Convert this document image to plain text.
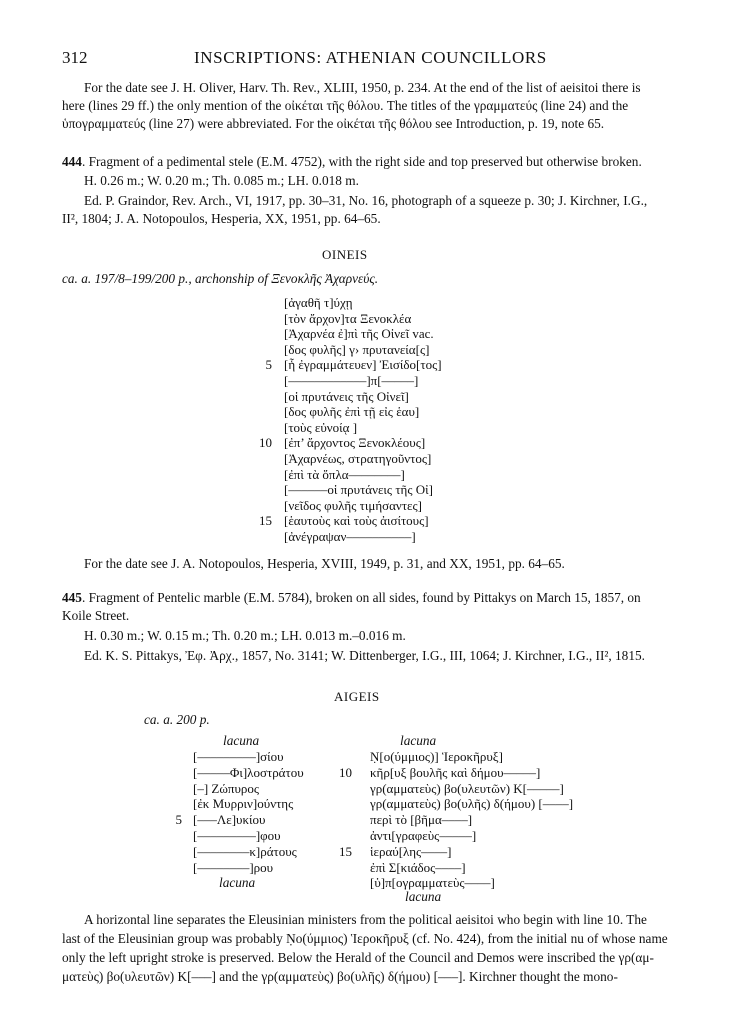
312	INSCRIPTIONS: ATHENIAN COUNCILLORS
For the date see J. H. Oliver, Harv. Th. Rev., XLIII, 1950, p. 234. At the end of the list of aeisitoi there is
here (lines 29 ff.) the only mention of the οἰκέται τῆς θόλου. The titles of the γραμματεύς (line 24) and the
ὑπογραμματεύς (line 27) were abbreviated. For the οἰκέται τῆς θόλου see Introduction, p. 19, note 65.
444. Fragment of a pedimental stele (E.M. 4752), with the right side and top preserved but otherwise broken.
H. 0.26 m.; W. 0.20 m.; Th. 0.085 m.; LH. 0.018 m.
Ed. P. Graindor, Rev. Arch., VI, 1917, pp. 30–31, No. 16, photograph of a squeeze p. 30; J. Kirchner, I.G.,
II², 1804; J. A. Notopoulos, Hesperia, XX, 1951, pp. 64–65.
OINEIS
ca. a. 197/8–199/200 p., archonship of Ξενοκλῆς Ἀχαρνεύς.
[ἀγαθῆ τ]ύχῃ
[τὸν ἄρχον]τα Ξενοκλέα
[Ἀχαρνέα ἐ]πὶ τῆς Οἰνεῖ vac.
[δος φυλῆς] γ› πρυτανεία[ς]
5 [ἧ ἐγραμμάτευεν] Ἐισίδο[τος]
[––––––––––––]π[–––––]
[οἱ πρυτάνεις τῆς Οἰνεῖ]
[δος φυλῆς ἐπὶ τῇ εἰς ἑαυ]
[τοὺς εὐνοίᾳ ]
10 [ἐπ’ ἄρχοντος Ξενοκλέους]
[Ἀχαρνέως, στρατηγοῦντος]
[ἐπὶ τὰ ὅπλα––––––––]
[––––––οἱ πρυτάνεις τῆς Οἰ]
[νεῖδος φυλῆς τιμήσαντες]
15 [ἑαυτοὺς καὶ τοὺς ἀισίτους]
[ἀνέγραψαν––––––––––]
For the date see J. A. Notopoulos, Hesperia, XVIII, 1949, p. 31, and XX, 1951, pp. 64–65.
445. Fragment of Pentelic marble (E.M. 5784), broken on all sides, found by Pittakys on March 15, 1857, on
Koile Street.
H. 0.30 m.; W. 0.15 m.; Th. 0.20 m.; LH. 0.013 m.–0.016 m.
Ed. K. S. Pittakys, Ἐφ. Ἀρχ., 1857, No. 3141; W. Dittenberger, I.G., III, 1064; J. Kirchner, I.G., II², 1815.
AIGEIS
ca. a. 200 p.
lacuna
[–––––––––]σίου
[–––––Φι]λοστράτου
[–] Ζώπυρος
[ἐκ Μυρριν]ούντης
5 [–––Λε]υκίου
[–––––––––]φου
[––––––––κ]ράτους
[––––––––]ρου
lacuna
lacuna
Ṇ[ο(ύμμιος)] Ἱεροκῆρυξ]
10 κῆρ[υξ βουλῆς καὶ δήμου–––––]
γρ(αμματεὺς) βο(υλευτῶν) Κ[–––––]
γρ(αμματεὺς) βο(υλῆς) δ(ήμου) [––––]
περὶ τὸ [βῆμα––––]
ἀντι[γραφεὺς–––––]
15 ἱεραύ[λης––––]
ἐπὶ Σ[κιάδος––––]
[ὑ]π[ογραμματεὺς––––]
lacuna
A horizontal line separates the Eleusinian ministers from the political aeisitoi who begin with line 10. The
last of the Eleusinian group was probably Ṇο(ύμμιος) Ἱεροκῆρυξ (cf. No. 424), from the initial nu of whose name
only the left upright stroke is preserved. Below the Herald of the Council and Demos were inscribed the γρ(αμ-
ματεὺς) βο(υλευτῶν) Κ[–––] and the γρ(αμματεὺς) βο(υλῆς) δ(ήμου) [–––]. Kirchner thought the mono-
